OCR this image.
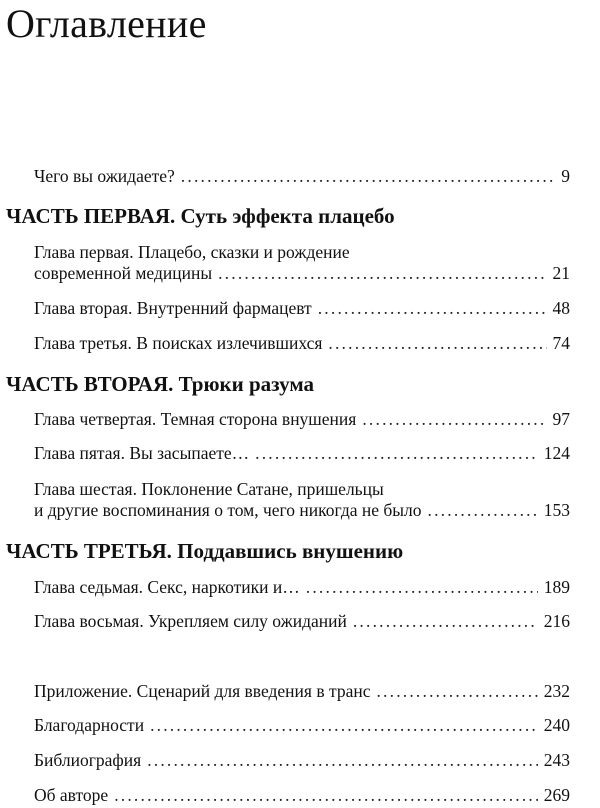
Оглавление
Чего вы ожидаете? .....	9
ЧАСТЬ ПЕРВАЯ. Суть эффекта плацебо
Глава первая. Плацебо, сказки и рождение
современной медицины .....	21
Глава вторая. Внутренний фармацевт .....	48
Глава третья. В поисках излечившихся .....	74
ЧАСТЬ ВТОРАЯ. Трюки разума
Глава четвертая. Темная сторона внушения .....	97
Глава пятая. Вы засыпаете… .....	124
Глава шестая. Поклонение Сатане, пришельцы
и другие воспоминания о том, чего никогда не было .....	153
ЧАСТЬ ТРЕТЬЯ. Поддавшись внушению
Глава седьмая. Секс, наркотики и… .....	189
Глава восьмая. Укрепляем силу ожиданий .....	216
Приложение. Сценарий для введения в транс .....	232
Благодарности .....	240
Библиография .....	243
Об авторе .....	269
